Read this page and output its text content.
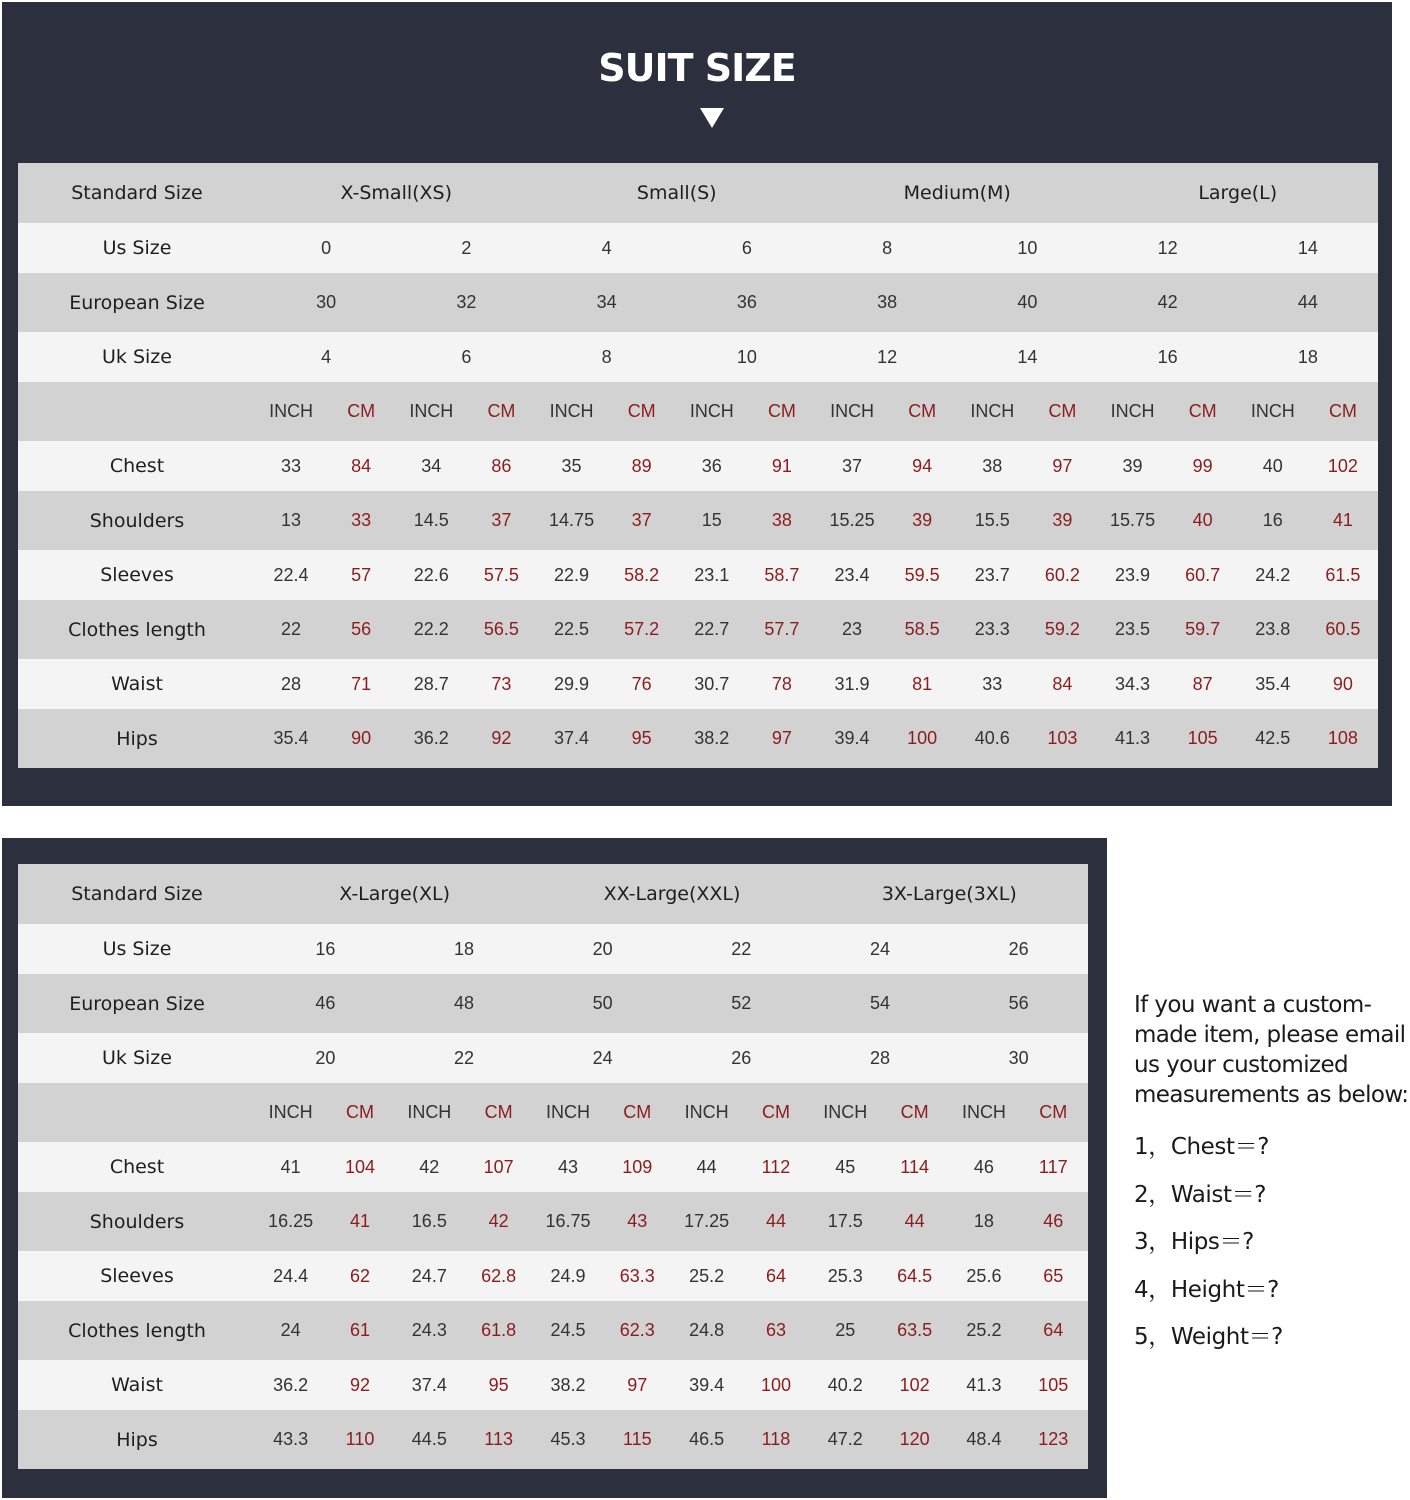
SUIT SIZE
Standard Size	X-Small(XS)	Small(S)	Medium(M)	Large(L)
Us Size	0	2	4	6	8	10	12	14
European Size	30	32	34	36	38	40	42	44
Uk Size	4	6	8	10	12	14	16	18
INCH	CM	INCH	CM	INCH	CM	INCH	CM	INCH	CM	INCH	CM	INCH	CM	INCH	CM
Chest	33	84	34	86	35	89	36	91	37	94	38	97	39	99	40	102
Shoulders	13	33	14.5	37	14.75	37	15	38	15.25	39	15.5	39	15.75	40	16	41
Sleeves	22.4	57	22.6	57.5	22.9	58.2	23.1	58.7	23.4	59.5	23.7	60.2	23.9	60.7	24.2	61.5
Clothes length	22	56	22.2	56.5	22.5	57.2	22.7	57.7	23	58.5	23.3	59.2	23.5	59.7	23.8	60.5
Waist	28	71	28.7	73	29.9	76	30.7	78	31.9	81	33	84	34.3	87	35.4	90
Hips	35.4	90	36.2	92	37.4	95	38.2	97	39.4	100	40.6	103	41.3	105	42.5	108
Standard Size	X-Large(XL)	XX-Large(XXL)	3X-Large(3XL)
Us Size	16	18	20	22	24	26
European Size	46	48	50	52	54	56
Uk Size	20	22	24	26	28	30
INCH	CM	INCH	CM	INCH	CM	INCH	CM	INCH	CM	INCH	CM
Chest	41	104	42	107	43	109	44	112	45	114	46	117
Shoulders	16.25	41	16.5	42	16.75	43	17.25	44	17.5	44	18	46
Sleeves	24.4	62	24.7	62.8	24.9	63.3	25.2	64	25.3	64.5	25.6	65
Clothes length	24	61	24.3	61.8	24.5	62.3	24.8	63	25	63.5	25.2	64
Waist	36.2	92	37.4	95	38.2	97	39.4	100	40.2	102	41.3	105
Hips	43.3	110	44.5	113	45.3	115	46.5	118	47.2	120	48.4	123
If you want a custom-made item, please email us your customized measurements as below:
1，Chest＝?
2，Waist＝?
3，Hips＝?
4，Height＝?
5，Weight＝?
